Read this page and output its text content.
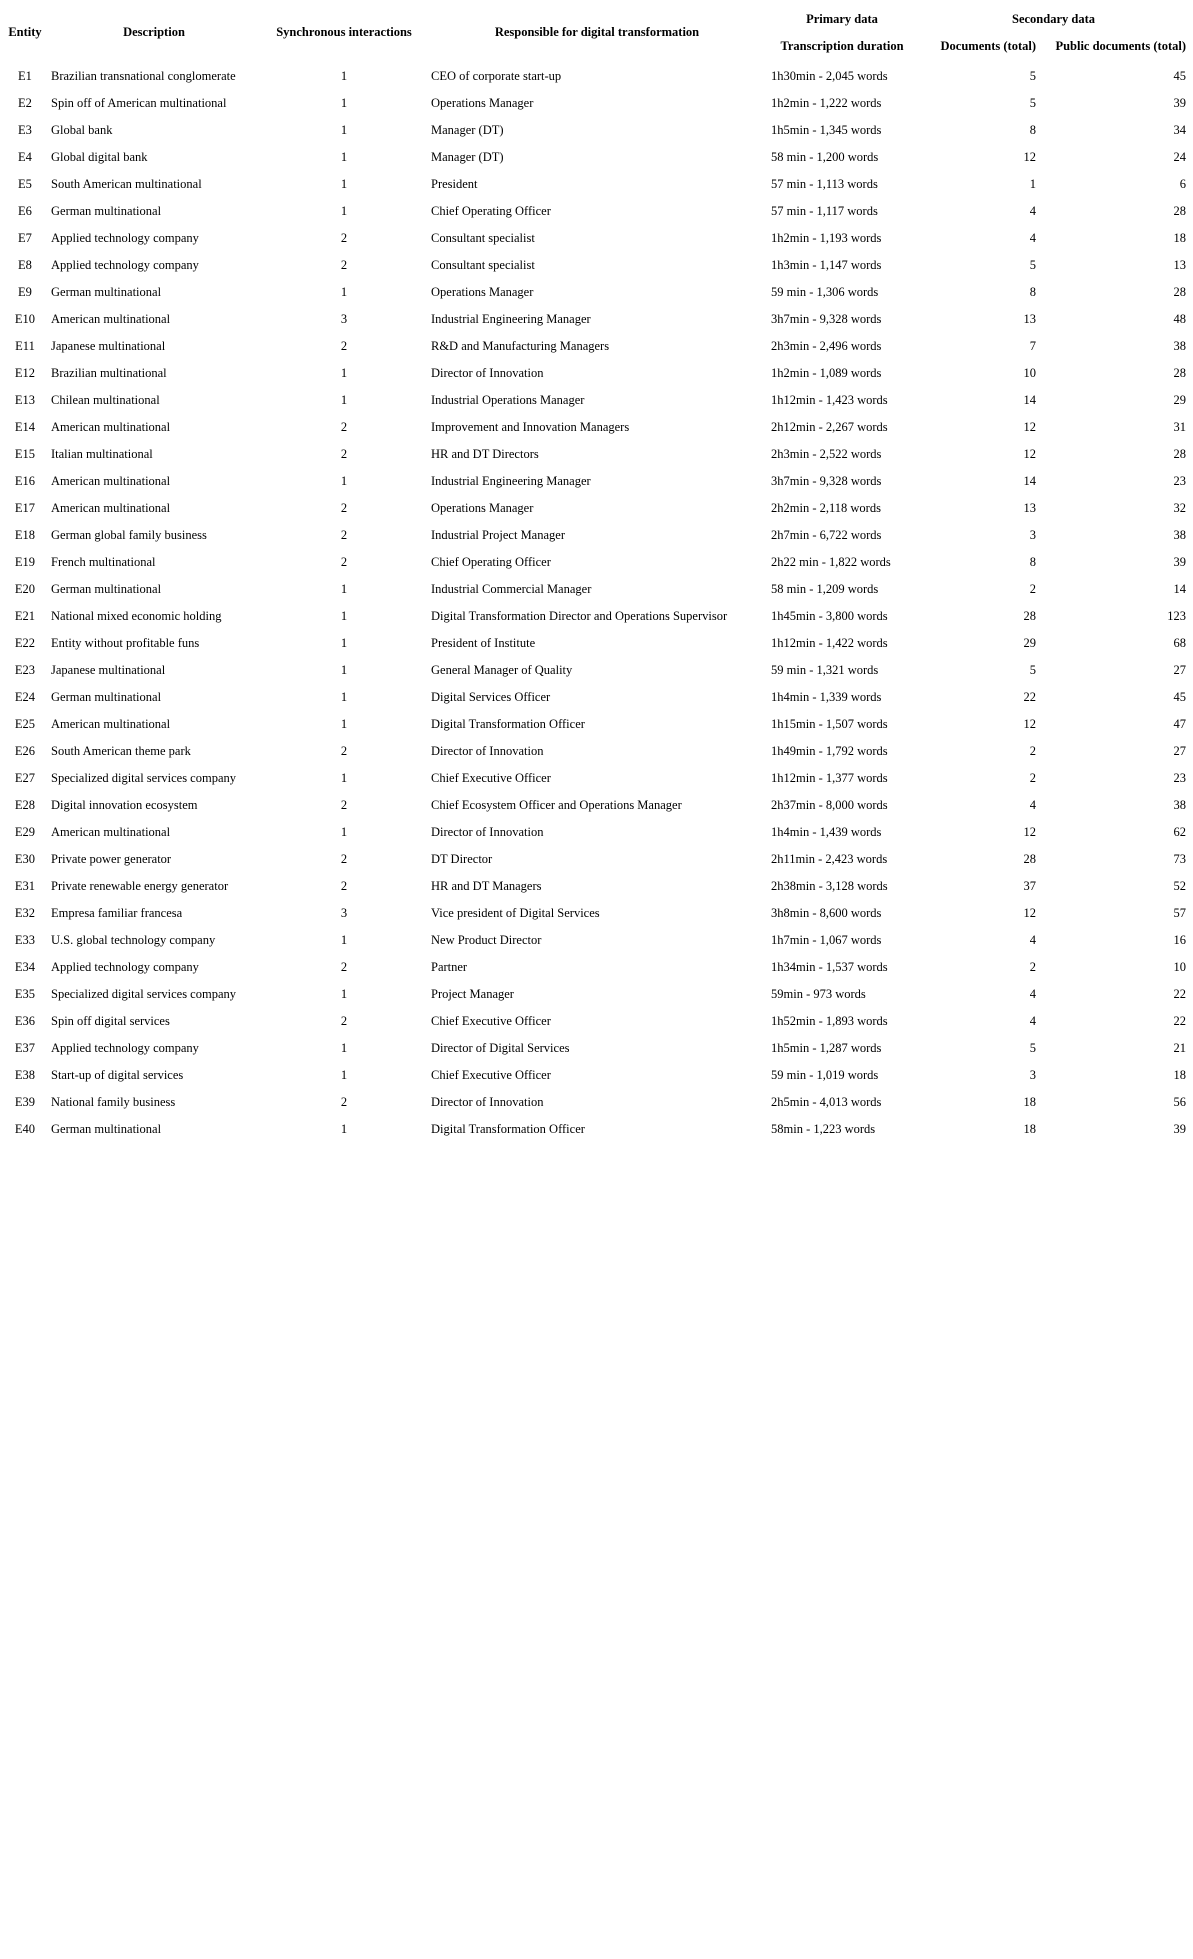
Entity	Description	Synchronous interactions	Responsible for digital transformation	Primary data	Secondary data	
				Transcription duration	Documents (total)	Public documents (total)
E1	Brazilian transnational conglomerate	1	CEO of corporate start-up	1h30min - 2,045 words	5	45
E2	Spin off of American multinational	1	Operations Manager	1h2min - 1,222 words	5	39
E3	Global bank	1	Manager (DT)	1h5min - 1,345 words	8	34
E4	Global digital bank	1	Manager (DT)	58 min - 1,200 words	12	24
E5	South American multinational	1	President	57 min - 1,113 words	1	6
E6	German multinational	1	Chief Operating Officer	57 min - 1,117 words	4	28
E7	Applied technology company	2	Consultant specialist	1h2min - 1,193 words	4	18
E8	Applied technology company	2	Consultant specialist	1h3min - 1,147 words	5	13
E9	German multinational	1	Operations Manager	59 min - 1,306 words	8	28
E10	American multinational	3	Industrial Engineering Manager	3h7min - 9,328 words	13	48
E11	Japanese multinational	2	R&D and Manufacturing Managers	2h3min - 2,496 words	7	38
E12	Brazilian multinational	1	Director of Innovation	1h2min - 1,089 words	10	28
E13	Chilean multinational	1	Industrial Operations Manager	1h12min - 1,423 words	14	29
E14	American multinational	2	Improvement and Innovation Managers	2h12min - 2,267 words	12	31
E15	Italian multinational	2	HR and DT Directors	2h3min - 2,522 words	12	28
E16	American multinational	1	Industrial Engineering Manager	3h7min - 9,328 words	14	23
E17	American multinational	2	Operations Manager	2h2min - 2,118 words	13	32
E18	German global family business	2	Industrial Project Manager	2h7min - 6,722 words	3	38
E19	French multinational	2	Chief Operating Officer	2h22 min - 1,822 words	8	39
E20	German multinational	1	Industrial Commercial Manager	58 min - 1,209 words	2	14
E21	National mixed economic holding	1	Digital Transformation Director and Operations Supervisor	1h45min - 3,800 words	28	123
E22	Entity without profitable funs	1	President of Institute	1h12min - 1,422 words	29	68
E23	Japanese multinational	1	General Manager of Quality	59 min - 1,321 words	5	27
E24	German multinational	1	Digital Services Officer	1h4min - 1,339 words	22	45
E25	American multinational	1	Digital Transformation Officer	1h15min - 1,507 words	12	47
E26	South American theme park	2	Director of Innovation	1h49min - 1,792 words	2	27
E27	Specialized digital services company	1	Chief Executive Officer	1h12min - 1,377 words	2	23
E28	Digital innovation ecosystem	2	Chief Ecosystem Officer and Operations Manager	2h37min - 8,000 words	4	38
E29	American multinational	1	Director of Innovation	1h4min - 1,439 words	12	62
E30	Private power generator	2	DT Director	2h11min - 2,423 words	28	73
E31	Private renewable energy generator	2	HR and DT Managers	2h38min - 3,128 words	37	52
E32	Empresa familiar francesa	3	Vice president of Digital Services	3h8min - 8,600 words	12	57
E33	U.S. global technology company	1	New Product Director	1h7min - 1,067 words	4	16
E34	Applied technology company	2	Partner	1h34min - 1,537 words	2	10
E35	Specialized digital services company	1	Project Manager	59min - 973 words	4	22
E36	Spin off digital services	2	Chief Executive Officer	1h52min - 1,893 words	4	22
E37	Applied technology company	1	Director of Digital Services	1h5min - 1,287 words	5	21
E38	Start-up of digital services	1	Chief Executive Officer	59 min - 1,019 words	3	18
E39	National family business	2	Director of Innovation	2h5min - 4,013 words	18	56
E40	German multinational	1	Digital Transformation Officer	58min - 1,223 words	18	39
